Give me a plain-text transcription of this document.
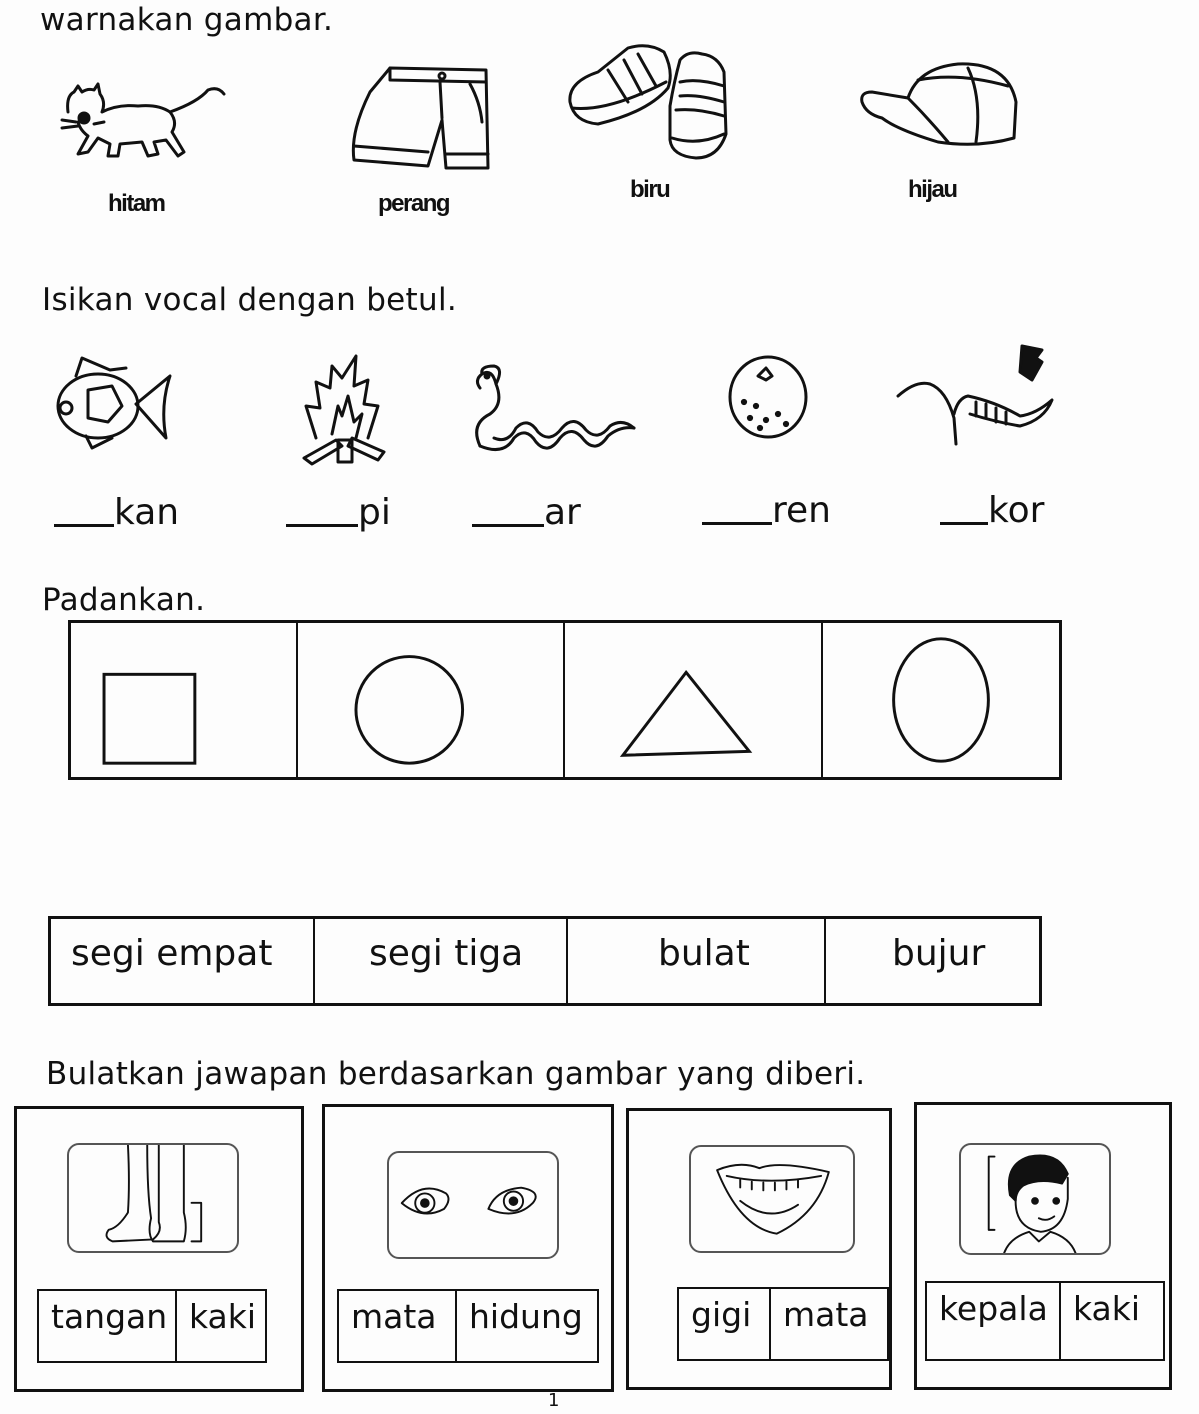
warnakan gambar.
hitam	perang
biru	hijau
Isikan vocal dengan betul.
kan	pi	ar	ren	kor
Padankan.
segi empat	segi tiga	bulat	bujur
Bulatkan jawapan berdasarkan gambar yang diberi.
tangan kaki	mata hidung	gigi mata	kepala kaki
1
